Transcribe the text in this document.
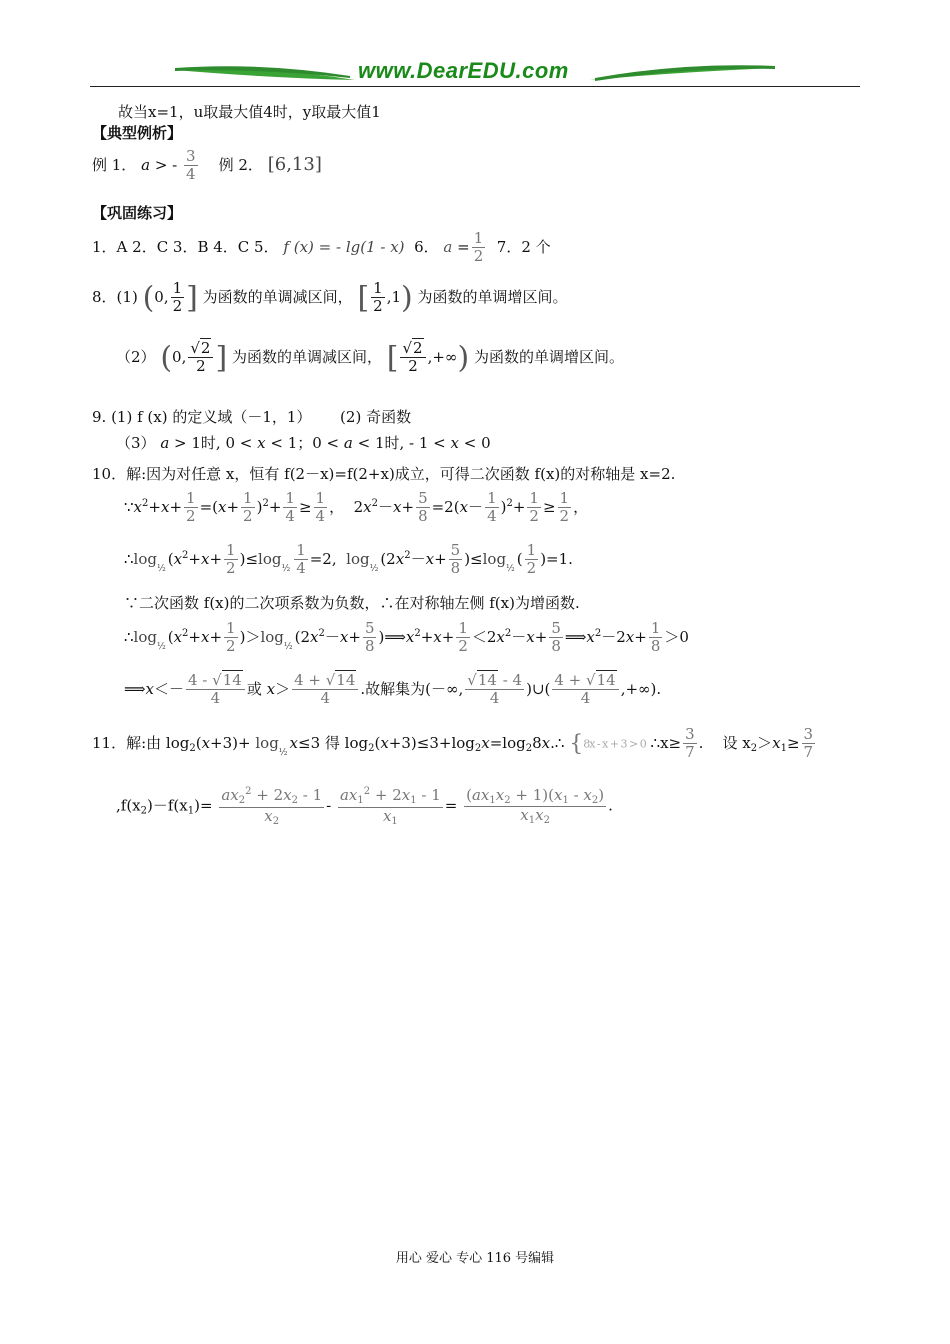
www.DearEDU.com
故当x=1，u取最大值4时，y取最大值1
【典型例析】
例 1． a > - $\frac{3}{4}$ 例 2． [6,13]
【巩固练习】
1．A 2．C 3．B 4．C 5． f (x) = - lg(1 - x) 6． $a = \frac{1}{2} 7$．2 个
8．(1) (0, $\frac{1}{2}$ ] 为函数的单调减区间， [ $\frac{1}{2} ,1$) 为函数的单调增区间。
（2） (0, $\frac{√2}{2}$ ] 为函数的单调减区间， [ $\frac{√2}{2}$ ,+∞) 为函数的单调增区间。
9. (1) f (x) 的定义域（－1，1） (2) 奇函数
（3） a > 1时, 0 < x < 1；0 < a < 1时, - 1 < x < 0
10．解:因为对任意 x，恒有 f(2－x)=f(2+x)成立，可得二次函数 f(x)的对称轴是 x=2.
$\because x^2+x+ \frac{1}{2} =(x+ \frac{1}{2} )^2+ \frac{1}{4} \ge \frac{1}{4}$ ，  $2x^2-x+ \frac{5}{8} =2(x- \frac{1}{4} )^2+ \frac{1}{2} \ge \frac{1}{2}$ ，
$\therefore\log_{\frac{1}{2}}(x^2+x+ \frac{1}{2} )\le\log_{\frac{1}{2}} \frac{1}{4} =2$,  $\log_{\frac{1}{2}}(2x^2-x+ \frac{5}{8} )\le\log_{\frac{1}{2}}( \frac{1}{2} )=1$.
∵二次函数 f(x)的二次项系数为负数，∴在对称轴左侧 f(x)为增函数.
$\therefore\log_{\frac{1}{2}}(x^2+x+ \frac{1}{2} )>\log_{\frac{1}{2}}(2x^2-x+ \frac{5}{8}$ )$⟹x^2+x+ \frac{1}{2} <2x^2-x+ \frac{5}{8}$ $⟹x^2-2x+ \frac{1}{8} >0$
⟹x＜－ $\frac{4 - √14}{4}$ 或 $x> \frac{4 + √14}{4}$ .故解集为(－∞, $\frac{√14 - 4}{4}$ )∪( $\frac{4 + √14}{4}$ ,+∞).
11．解:由 $\log_2(x+3)+ \log_{\frac{1}{2}}x\le 3$ 得 $\log_2(x+3)\le 3+\log_2x=\log_28x.\therefore$ {8x - x + 3 > 0 ∴x≥ $\frac{3}{7}$ .    设 $x_2>x_1\ge \frac{3}{7}$
$,f(x_2)-f(x_1)= \frac{ax_2^2 + 2x_2 - 1}{x_2} - \frac{ax_1^2 + 2x_1 - 1}{x_1} = \frac{(ax_1x_2 + 1)(x_1 - x_2)}{x_1x_2}$ .
用心 爱心 专心 116 号编辑
